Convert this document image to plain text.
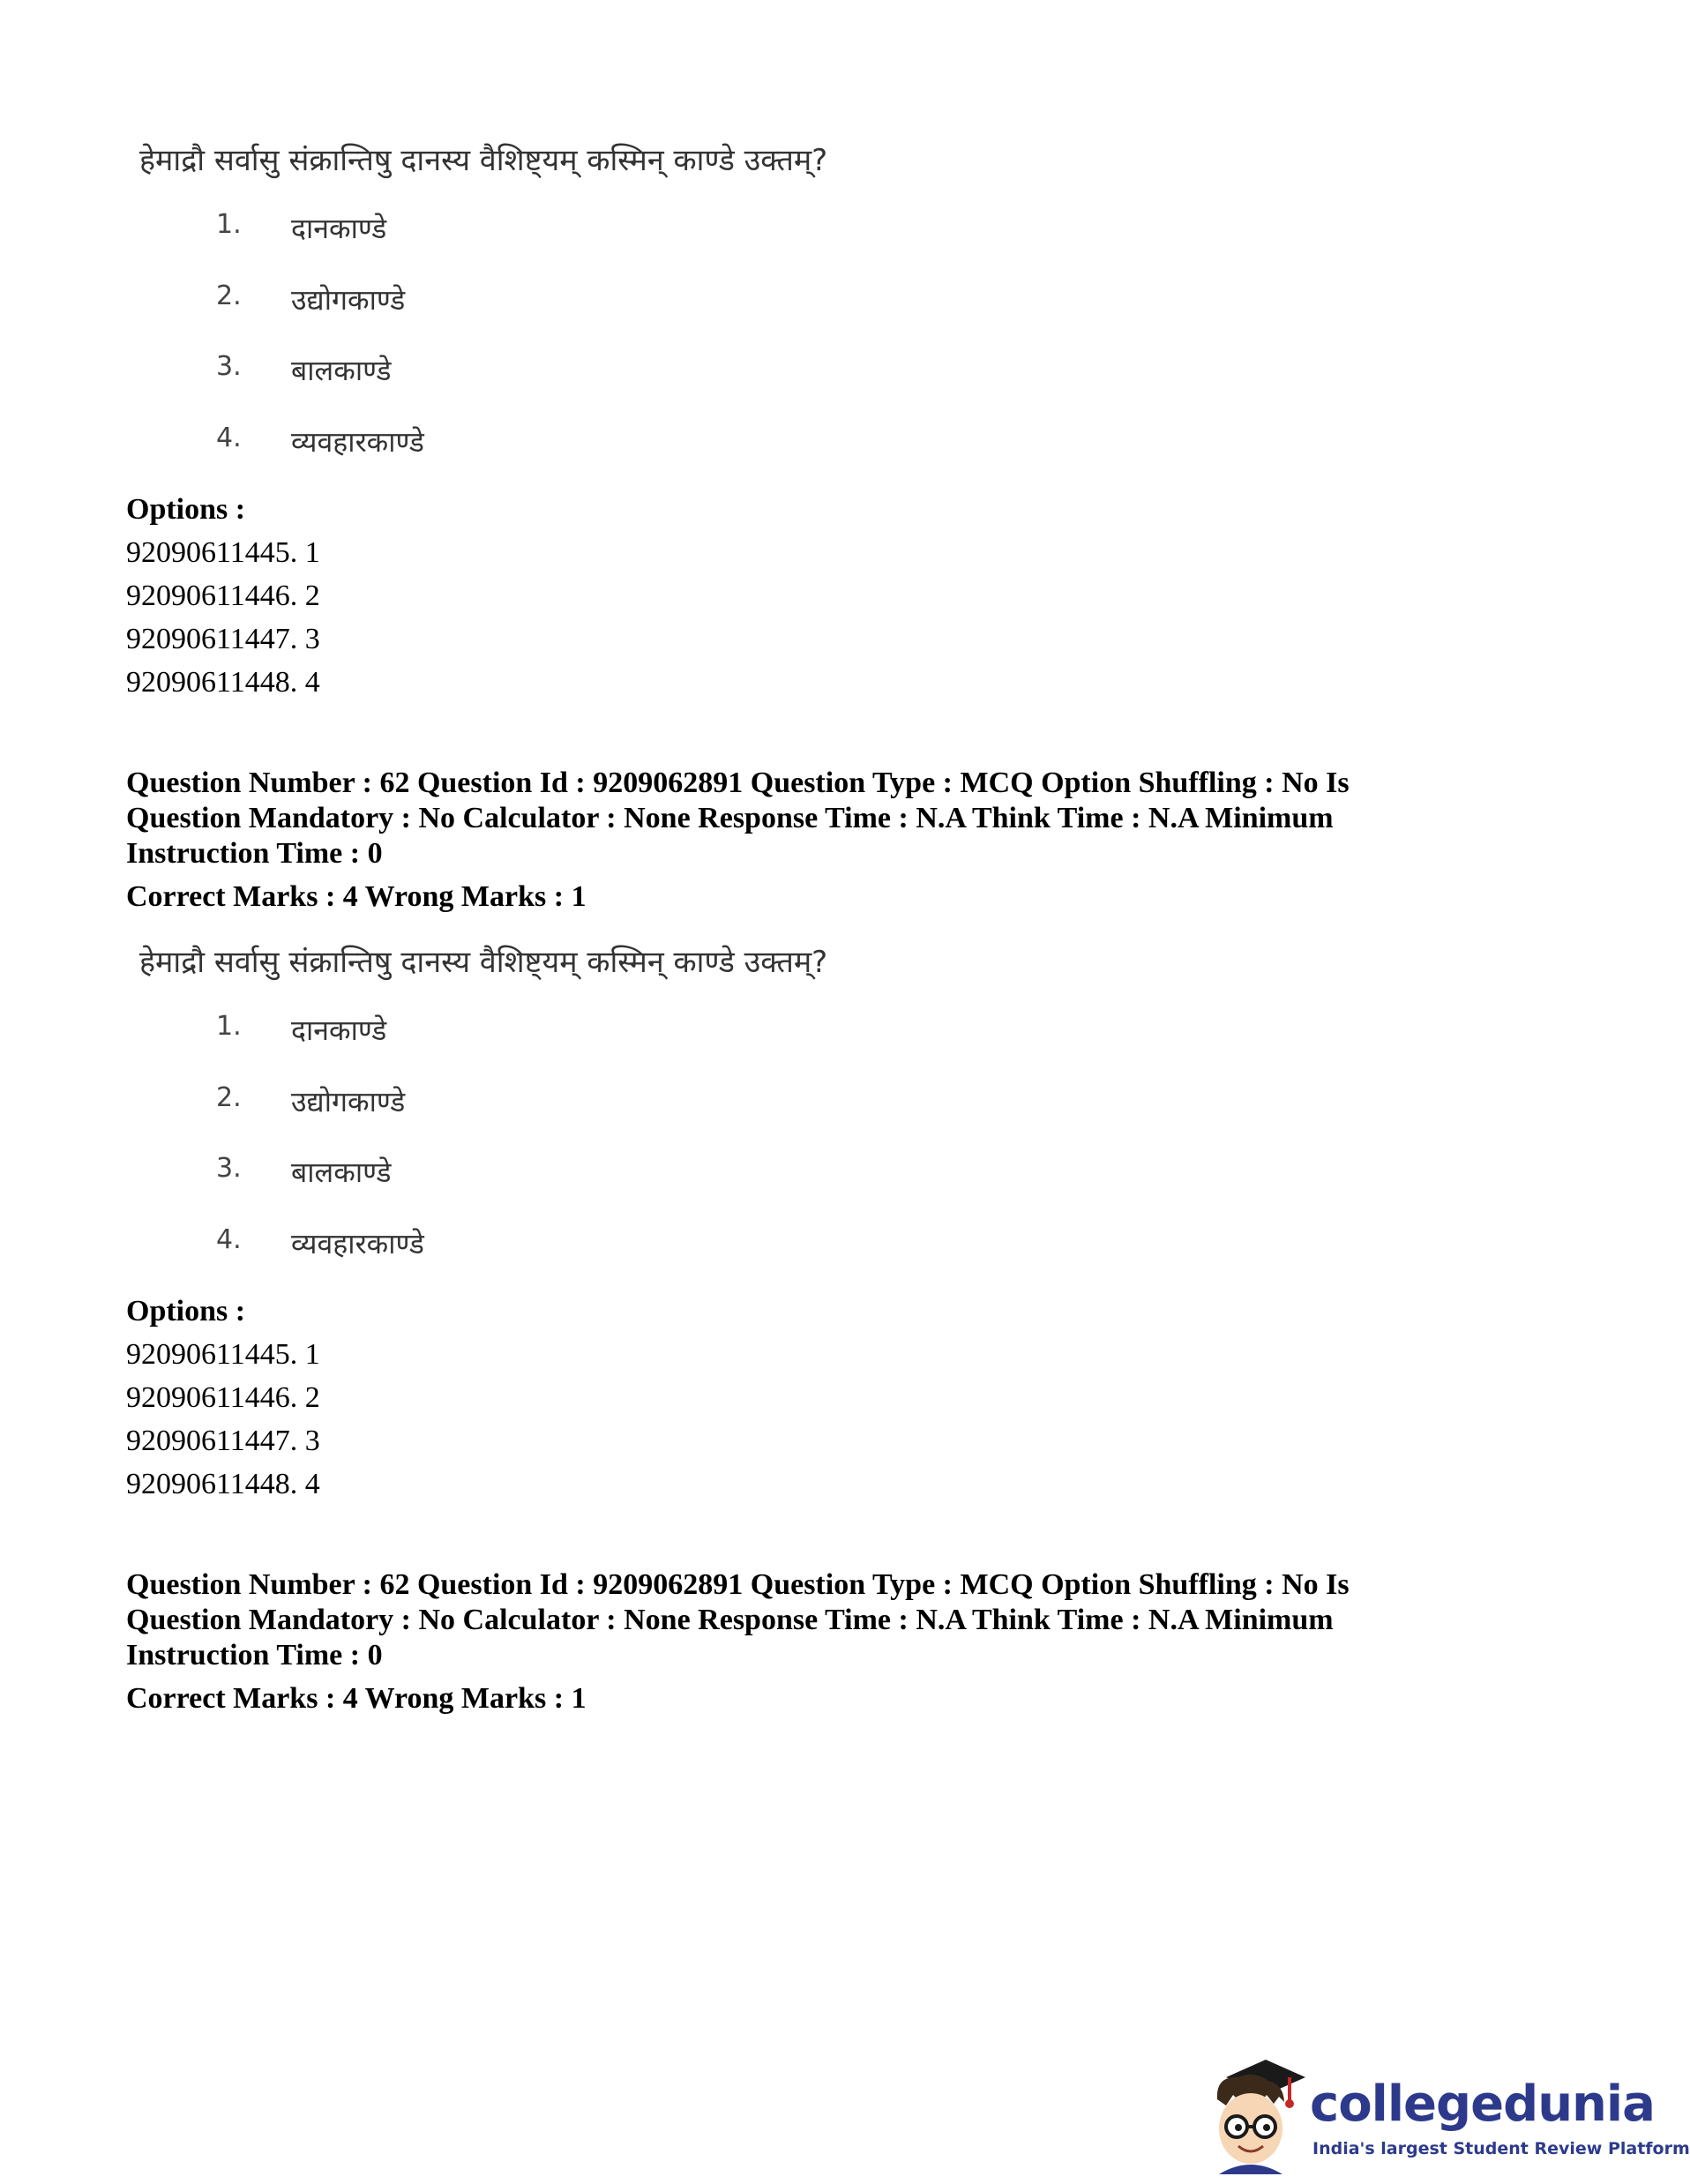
हेमाद्रौ सर्वासु संक्रान्तिषु दानस्य वैशिष्ट्यम् कस्मिन् काण्डे उक्तम्?
1.	दानकाण्डे
2.	उद्योगकाण्डे
3.	बालकाण्डे
4.	व्यवहारकाण्डे
Options :
92090611445. 1
92090611446. 2
92090611447. 3
92090611448. 4
Question Number : 62 Question Id : 9209062891 Question Type : MCQ Option Shuffling : No Is
Question Mandatory : No Calculator : None Response Time : N.A Think Time : N.A Minimum
Instruction Time : 0
Correct Marks : 4 Wrong Marks : 1
हेमाद्रौ सर्वासु संक्रान्तिषु दानस्य वैशिष्ट्यम् कस्मिन् काण्डे उक्तम्?
1.	दानकाण्डे
2.	उद्योगकाण्डे
3.	बालकाण्डे
4.	व्यवहारकाण्डे
Options :
92090611445. 1
92090611446. 2
92090611447. 3
92090611448. 4
Question Number : 62 Question Id : 9209062891 Question Type : MCQ Option Shuffling : No Is
Question Mandatory : No Calculator : None Response Time : N.A Think Time : N.A Minimum
Instruction Time : 0
Correct Marks : 4 Wrong Marks : 1
collegedunia
India's largest Student Review Platform
